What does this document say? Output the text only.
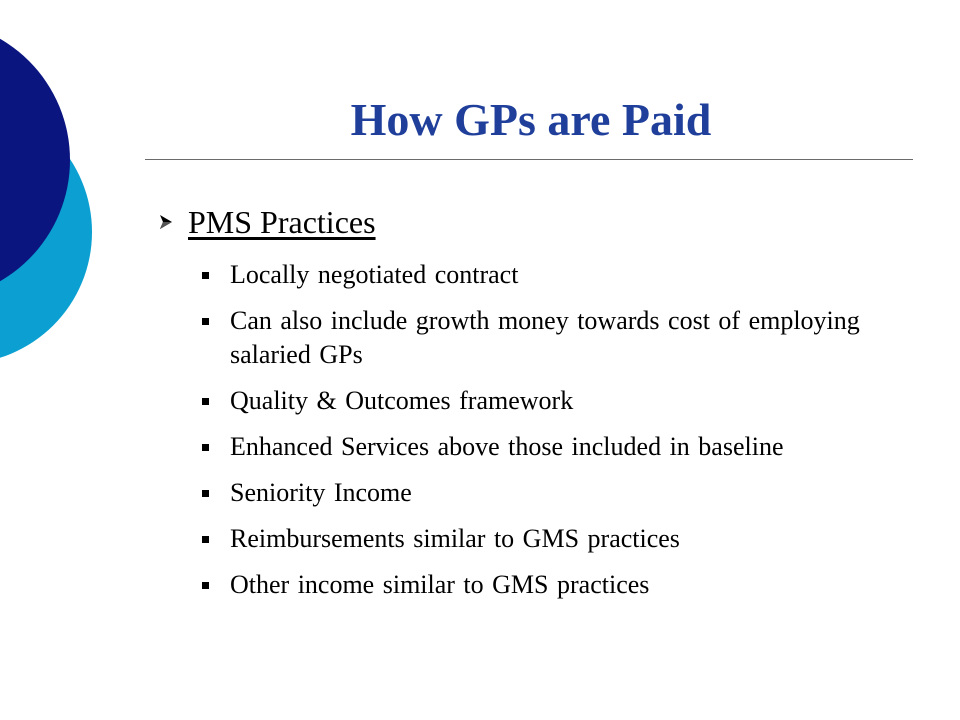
How GPs are Paid
PMS Practices
Locally negotiated contract
Can also include growth money towards cost of employing salaried GPs
Quality & Outcomes framework
Enhanced Services above those included in baseline
Seniority Income
Reimbursements similar to GMS practices
Other income similar to GMS practices
